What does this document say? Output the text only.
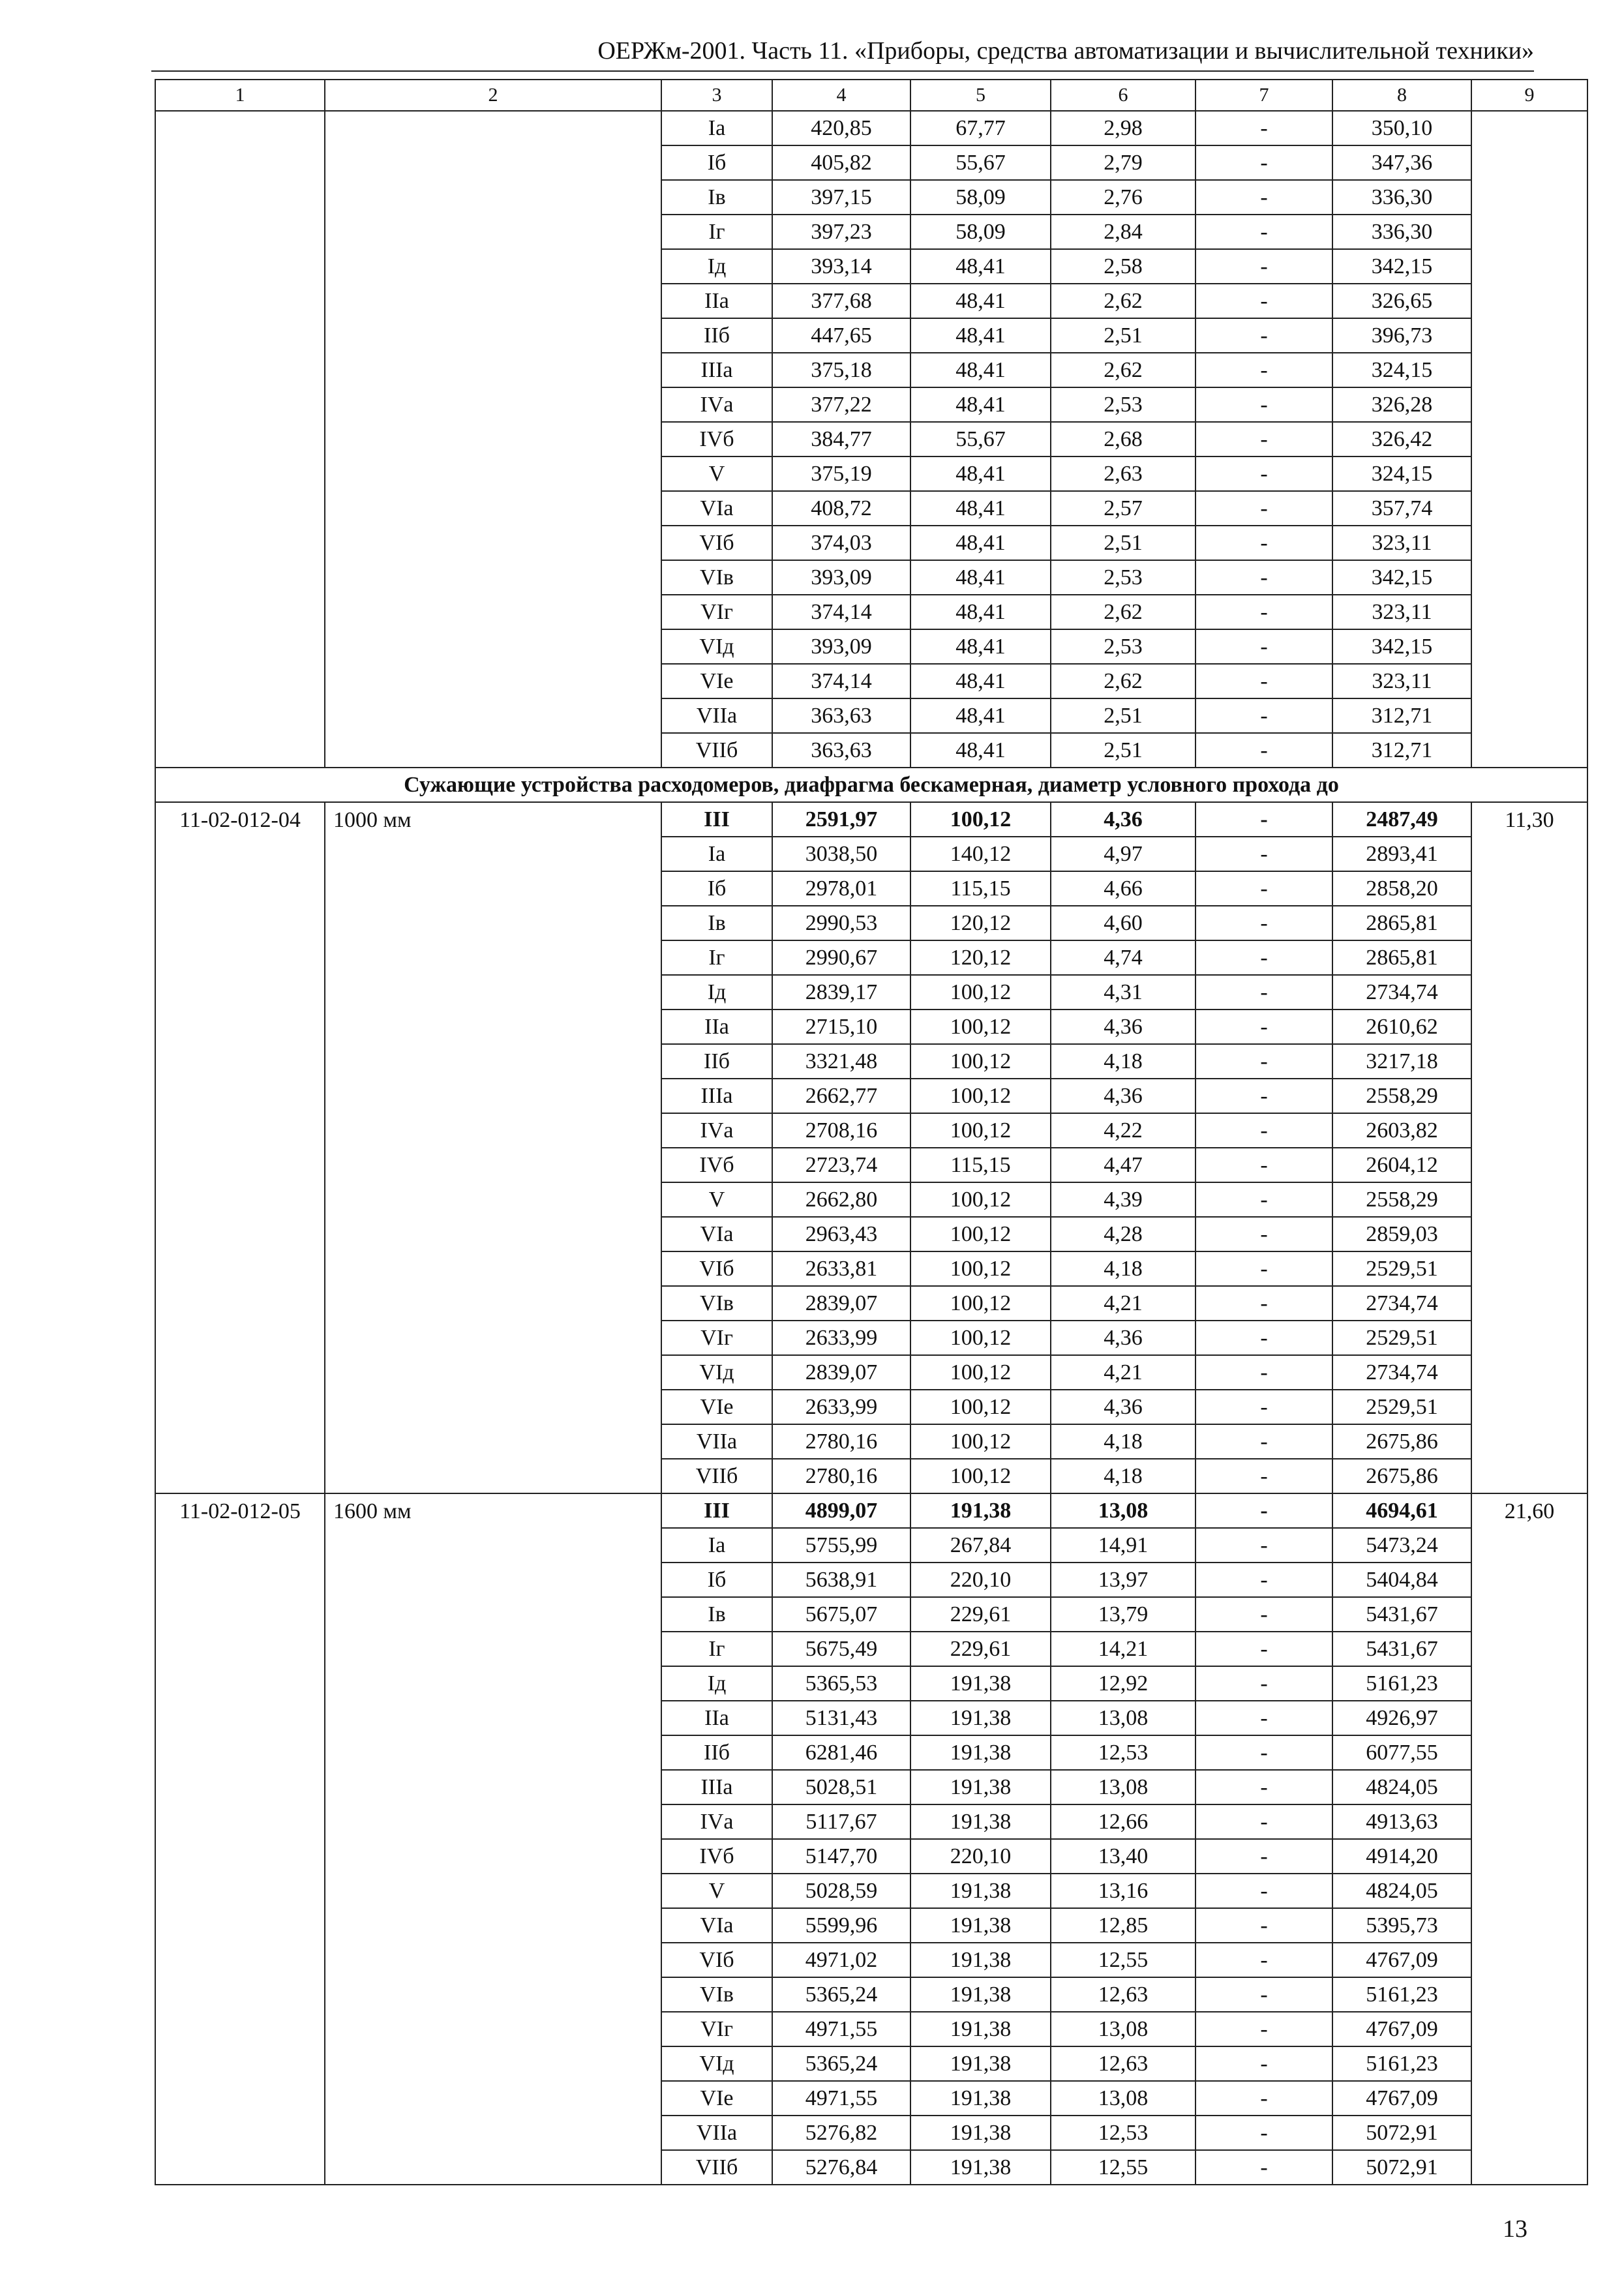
ОЕРЖм-2001. Часть 11. «Приборы, средства автоматизации и вычислительной техники»
1	2	3	4	5	6	7	8	9
		Iа	420,85	67,77	2,98	-	350,10	
		Iб	405,82	55,67	2,79	-	347,36	
		Iв	397,15	58,09	2,76	-	336,30	
		Iг	397,23	58,09	2,84	-	336,30	
		Iд	393,14	48,41	2,58	-	342,15	
		IIа	377,68	48,41	2,62	-	326,65	
		IIб	447,65	48,41	2,51	-	396,73	
		IIIа	375,18	48,41	2,62	-	324,15	
		IVа	377,22	48,41	2,53	-	326,28	
		IVб	384,77	55,67	2,68	-	326,42	
		V	375,19	48,41	2,63	-	324,15	
		VIа	408,72	48,41	2,57	-	357,74	
		VIб	374,03	48,41	2,51	-	323,11	
		VIв	393,09	48,41	2,53	-	342,15	
		VIг	374,14	48,41	2,62	-	323,11	
		VIд	393,09	48,41	2,53	-	342,15	
		VIе	374,14	48,41	2,62	-	323,11	
		VIIа	363,63	48,41	2,51	-	312,71	
		VIIб	363,63	48,41	2,51	-	312,71	
Сужающие устройства расходомеров, диафрагма бескамерная, диаметр условного прохода до								
11-02-012-04	1000 мм	III	2591,97	100,12	4,36	-	2487,49	11,30
		Iа	3038,50	140,12	4,97	-	2893,41	
		Iб	2978,01	115,15	4,66	-	2858,20	
		Iв	2990,53	120,12	4,60	-	2865,81	
		Iг	2990,67	120,12	4,74	-	2865,81	
		Iд	2839,17	100,12	4,31	-	2734,74	
		IIа	2715,10	100,12	4,36	-	2610,62	
		IIб	3321,48	100,12	4,18	-	3217,18	
		IIIа	2662,77	100,12	4,36	-	2558,29	
		IVа	2708,16	100,12	4,22	-	2603,82	
		IVб	2723,74	115,15	4,47	-	2604,12	
		V	2662,80	100,12	4,39	-	2558,29	
		VIа	2963,43	100,12	4,28	-	2859,03	
		VIб	2633,81	100,12	4,18	-	2529,51	
		VIв	2839,07	100,12	4,21	-	2734,74	
		VIг	2633,99	100,12	4,36	-	2529,51	
		VIд	2839,07	100,12	4,21	-	2734,74	
		VIе	2633,99	100,12	4,36	-	2529,51	
		VIIа	2780,16	100,12	4,18	-	2675,86	
		VIIб	2780,16	100,12	4,18	-	2675,86	
11-02-012-05	1600 мм	III	4899,07	191,38	13,08	-	4694,61	21,60
		Iа	5755,99	267,84	14,91	-	5473,24	
		Iб	5638,91	220,10	13,97	-	5404,84	
		Iв	5675,07	229,61	13,79	-	5431,67	
		Iг	5675,49	229,61	14,21	-	5431,67	
		Iд	5365,53	191,38	12,92	-	5161,23	
		IIа	5131,43	191,38	13,08	-	4926,97	
		IIб	6281,46	191,38	12,53	-	6077,55	
		IIIа	5028,51	191,38	13,08	-	4824,05	
		IVа	5117,67	191,38	12,66	-	4913,63	
		IVб	5147,70	220,10	13,40	-	4914,20	
		V	5028,59	191,38	13,16	-	4824,05	
		VIа	5599,96	191,38	12,85	-	5395,73	
		VIб	4971,02	191,38	12,55	-	4767,09	
		VIв	5365,24	191,38	12,63	-	5161,23	
		VIг	4971,55	191,38	13,08	-	4767,09	
		VIд	5365,24	191,38	12,63	-	5161,23	
		VIе	4971,55	191,38	13,08	-	4767,09	
		VIIа	5276,82	191,38	12,53	-	5072,91	
		VIIб	5276,84	191,38	12,55	-	5072,91	
13
